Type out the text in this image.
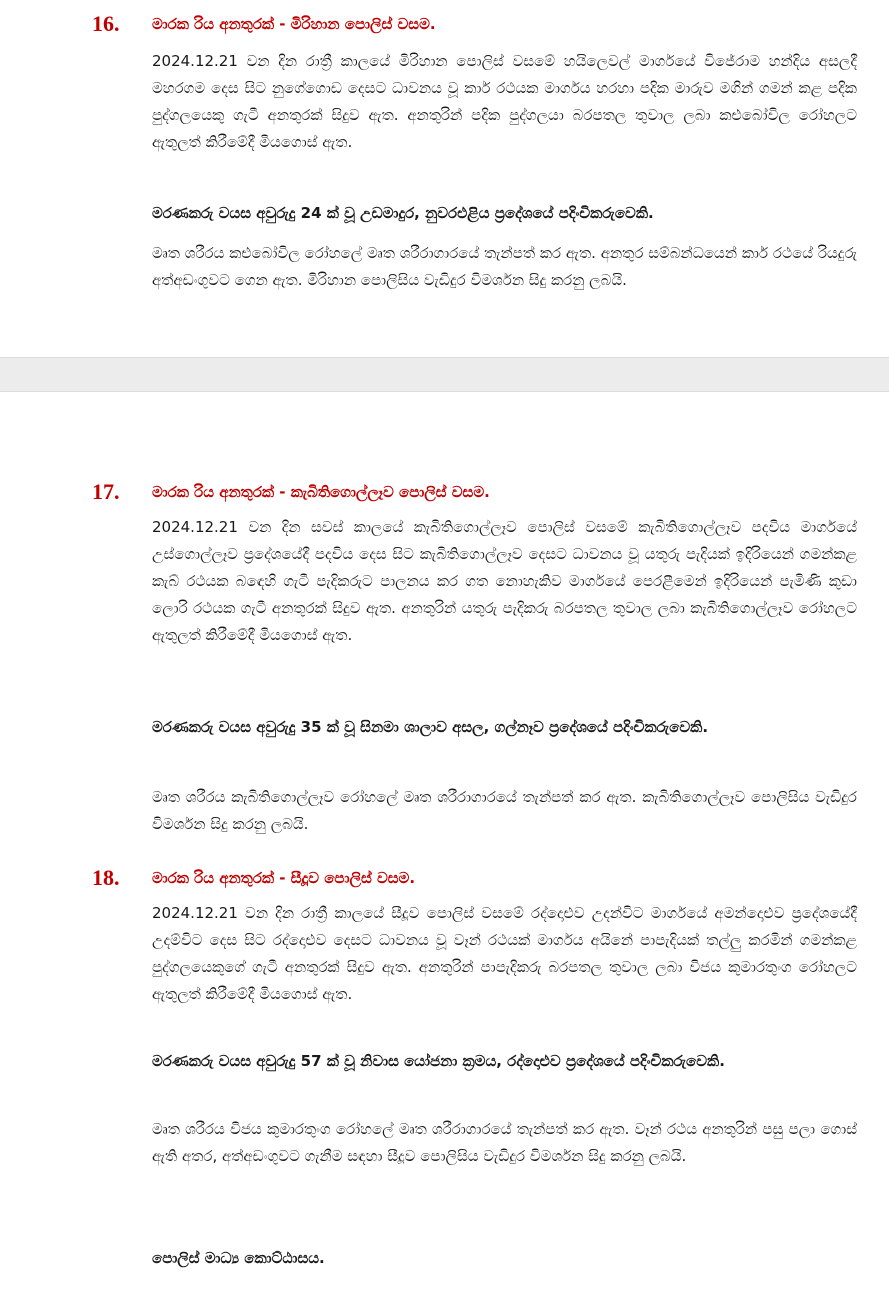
16. මාරක රිය අනතුරක් - මිරිහාන පොලිස් වසම.

2024.12.21 වන දින රාත්‍රී කාලයේ මිරිහාන පොලිස් වසමේ හයිලෙවල් මාර්ගයේ විජේරාම හන්දිය අසලදී මහරගම දෙස සිට නුගේගොඩ දෙසට ධාවනය වූ කාර් රථයක මාර්ගය හරහා පදික මාරුව මගින් ගමන් කළ පදික පුද්ගලයෙකු ගැටී අනතුරක් සිදුව ඇත. අනතුරින් පදික පුද්ගලයා බරපතල තුවාල ලබා කළුබෝවිල රෝහලට ඇතුලත් කිරීමේදී මියගොස් ඇත.

මරණකරු වයස අවුරුදු 24 ක් වූ උඩමාදුර, නුවරඑළිය ප්‍රදේශයේ පදිංචිකරුවෙකි.

මෘත ශරීරය කළුබෝවිල රෝහලේ මෘත ශරීරාගාරයේ තැන්පත් කර ඇත. අනතුර සම්බන්ධයෙන් කාර් රථයේ රියදුරු අත්අඩංගුවට ගෙන ඇත. මිරිහාන පොලිසිය වැඩිදුර විමර්ශන සිදු කරනු ලබයි.

17. මාරක රිය අනතුරක් - කැබිතිගොල්ලෑව පොලිස් වසම.

2024.12.21 වන දින සවස් කාලයේ කැබිතිගොල්ලෑව පොලිස් වසමේ කැබිතිගොල්ලෑව පදවිය මාර්ගයේ උස්ගොල්ලෑව ප්‍රදේශයේදී පදවිය දෙස සිට කැබිතිගොල්ලෑව දෙසට ධාවනය වූ යතුරු පැදියක් ඉදිරියෙන් ගමන්කළ කැබ් රථයක බඳෙහි ගැටී පැදිකරුට පාලනය කර ගත නොහැකිව මාර්ගයේ පෙරළීමෙන් ඉදිරියෙන් පැමිණි කුඩා ලොරි රථයක ගැටී අනතුරක් සිදුව ඇත. අනතුරින් යතුරු පැදිකරු බරපතල තුවාල ලබා කැබිතිගොල්ලෑව රෝහලට ඇතුලත් කිරීමේදී මියගොස් ඇත.

මරණකරු වයස අවුරුදු 35 ක් වූ සිනමා ශාලාව අසල, ගල්නෑව ප්‍රදේශයේ පදිංචිකරුවෙකි.

මෘත ශරීරය කැබිතිගොල්ලෑව රෝහලේ මෘත ශරීරාගාරයේ තැන්පත් කර ඇත. කැබිතිගොල්ලෑව පොලිසිය වැඩිදුර විමර්ශන සිදු කරනු ලබයි.

18. මාරක රිය අනතුරක් - සීදූව පොලිස් වසම.

2024.12.21 වන දින රාත්‍රී කාලයේ සීදූව පොලිස් වසමේ රද්දොළුව උදන්විට මාර්ගයේ අමන්දොළුව ප්‍රදේශයේදී උදම්විට දෙස සිට රද්දොළුව දෙසට ධාවනය වූ වෑන් රථයක් මාර්ගය අයිනේ පාපැදියක් තල්ලු කරමින් ගමන්කළ පුද්ගලයෙකුගේ ගැටී අනතුරක් සිදුව ඇත. අනතුරින් පාපැදිකරු බරපතල තුවාල ලබා විජය කුමාරතුංග රෝහලට ඇතුලත් කිරීමේදී මියගොස් ඇත.

මරණකරු වයස අවුරුදු 57 ක් වූ නිවාස යෝජනා ක්‍රමය, රද්දොළුව ප්‍රදේශයේ පදිංචිකරුවෙකි.

මෘත ශරීරය විජය කුමාරතුංග රෝහලේ මෘත ශරීරාගාරයේ තැන්පත් කර ඇත. වෑන් රථය අනතුරින් පසු පලා ගොස් ඇති අතර, අත්අඩංගුවට ගැනීම සඳහා සීදූව පොලිසිය වැඩිදුර විමර්ශන සිදු කරනු ලබයි.

පොලිස් මාධ්‍ය කොට්ඨාසය.
